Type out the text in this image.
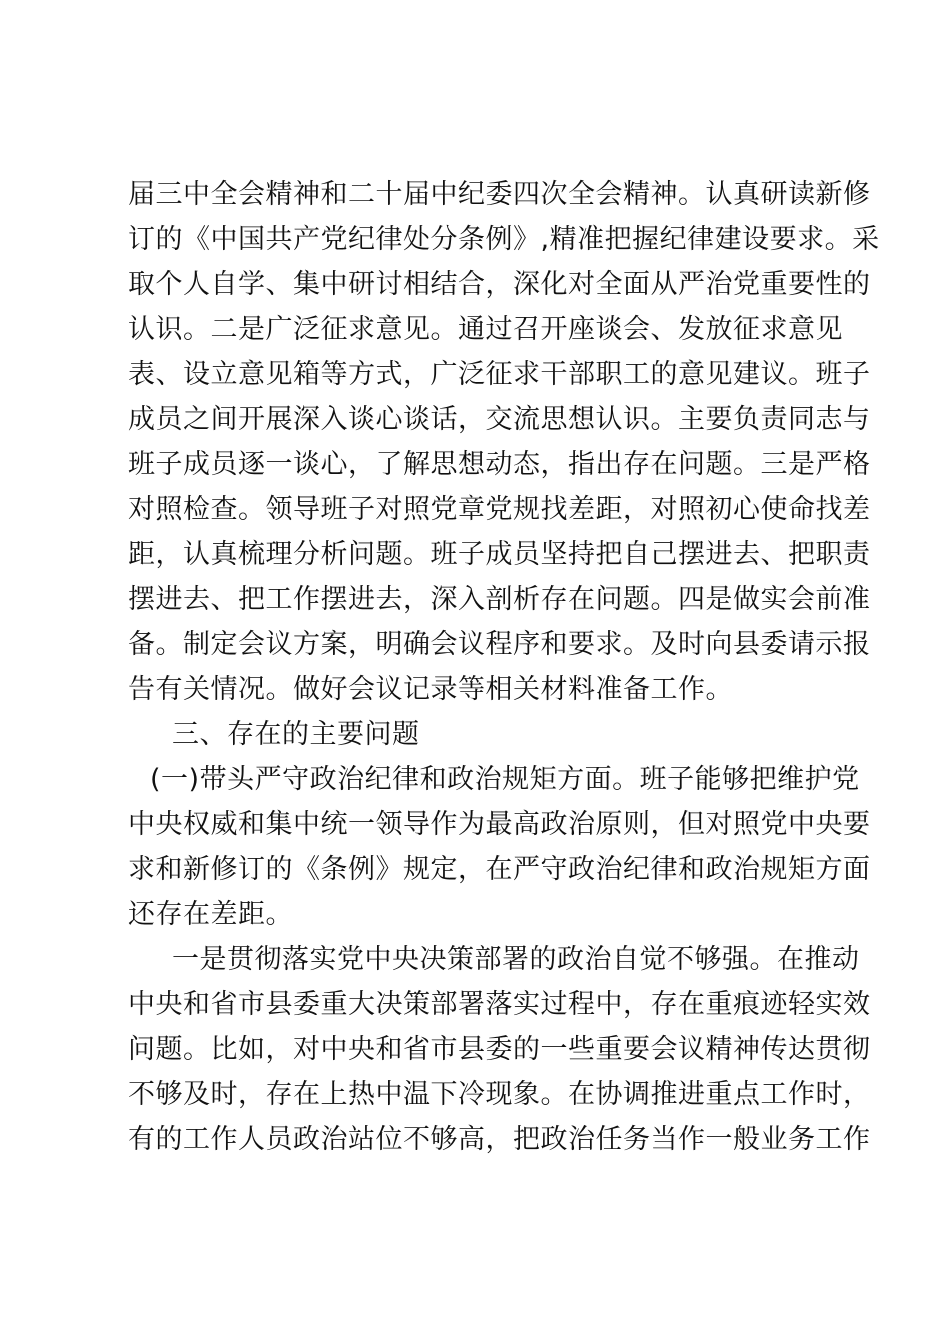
届三中全会精神和二十届中纪委四次全会精神。认真研读新修
订的《中国共产党纪律处分条例》,精准把握纪律建设要求。采
取个人自学、集中研讨相结合，深化对全面从严治党重要性的
认识。二是广泛征求意见。通过召开座谈会、发放征求意见
表、设立意见箱等方式，广泛征求干部职工的意见建议。班子
成员之间开展深入谈心谈话，交流思想认识。主要负责同志与
班子成员逐一谈心，了解思想动态，指出存在问题。三是严格
对照检查。领导班子对照党章党规找差距，对照初心使命找差
距，认真梳理分析问题。班子成员坚持把自己摆进去、把职责
摆进去、把工作摆进去，深入剖析存在问题。四是做实会前准
备。制定会议方案，明确会议程序和要求。及时向县委请示报
告有关情况。做好会议记录等相关材料准备工作。
三、存在的主要问题
(一)带头严守政治纪律和政治规矩方面。班子能够把维护党
中央权威和集中统一领导作为最高政治原则，但对照党中央要
求和新修订的《条例》规定，在严守政治纪律和政治规矩方面
还存在差距。
一是贯彻落实党中央决策部署的政治自觉不够强。在推动
中央和省市县委重大决策部署落实过程中，存在重痕迹轻实效
问题。比如，对中央和省市县委的一些重要会议精神传达贯彻
不够及时，存在上热中温下冷现象。在协调推进重点工作时，
有的工作人员政治站位不够高，把政治任务当作一般业务工作
